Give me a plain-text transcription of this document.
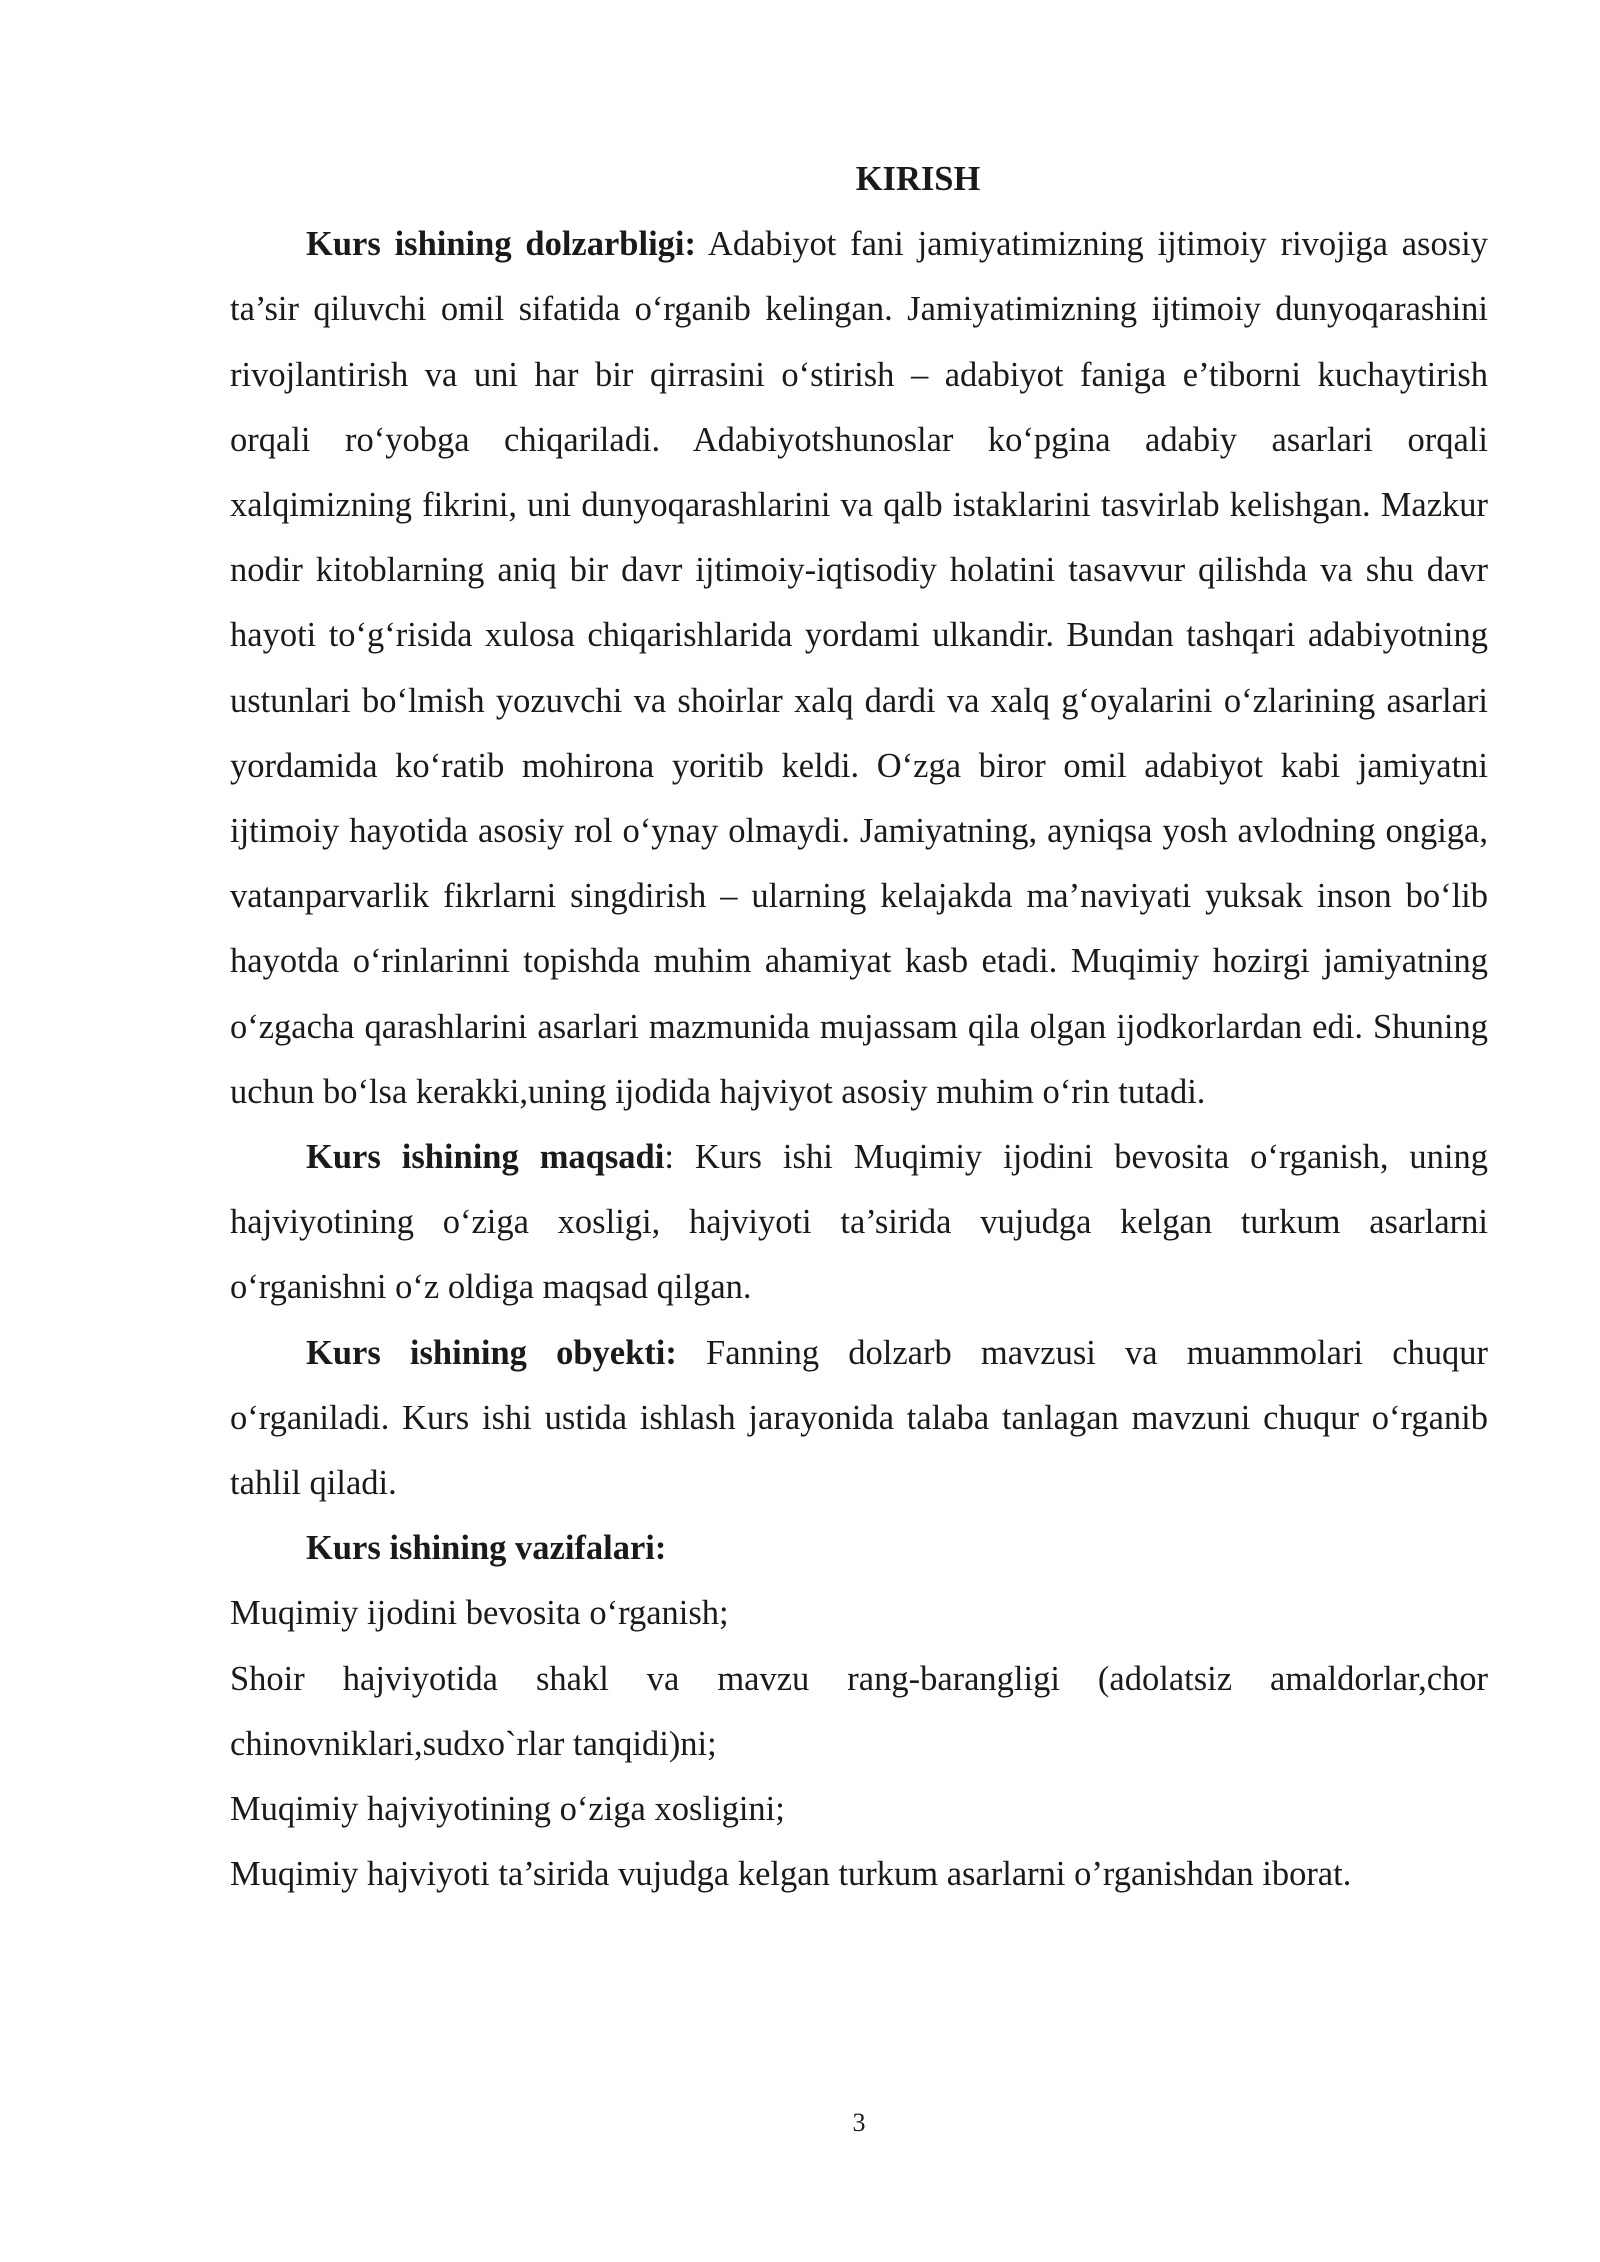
KIRISH

Kurs ishining dolzarbligi: Adabiyot fani jamiyatimizning ijtimoiy rivojiga asosiy ta’sir qiluvchi omil sifatida o‘rganib kelingan. Jamiyatimizning ijtimoiy dunyoqarashini rivojlantirish va uni har bir qirrasini o‘stirish – adabiyot faniga e’tiborni kuchaytirish orqali ro‘yobga chiqariladi. Adabiyotshunoslar ko‘pgina adabiy asarlari orqali xalqimizning fikrini, uni dunyoqarashlarini va qalb istaklarini tasvirlab kelishgan. Mazkur nodir kitoblarning aniq bir davr ijtimoiy-iqtisodiy holatini tasavvur qilishda va shu davr hayoti to‘g‘risida xulosa chiqarishlarida yordami ulkandir. Bundan tashqari adabiyotning ustunlari bo‘lmish yozuvchi va shoirlar xalq dardi va xalq g‘oyalarini o‘zlarining asarlari yordamida ko‘ratib mohirona yoritib keldi. O‘zga biror omil adabiyot kabi jamiyatni ijtimoiy hayotida asosiy rol o‘ynay olmaydi. Jamiyatning, ayniqsa yosh avlodning ongiga, vatanparvarlik fikrlarni singdirish – ularning kelajakda ma’naviyati yuksak inson bo‘lib hayotda o‘rinlarinni topishda muhim ahamiyat kasb etadi. Muqimiy hozirgi jamiyatning o‘zgacha qarashlarini asarlari mazmunida mujassam qila olgan ijodkorlardan edi. Shuning uchun bo‘lsa kerakki,uning ijodida hajviyot asosiy muhim o‘rin tutadi.

Kurs ishining maqsadi: Kurs ishi Muqimiy ijodini bevosita o‘rganish, uning hajviyotining o‘ziga xosligi, hajviyoti ta’sirida vujudga kelgan turkum asarlarni o‘rganishni o‘z oldiga maqsad qilgan.

Kurs ishining obyekti: Fanning dolzarb mavzusi va muammolari chuqur o‘rganiladi. Kurs ishi ustida ishlash jarayonida talaba tanlagan mavzuni chuqur o‘rganib tahlil qiladi.

Kurs ishining vazifalari:

Muqimiy ijodini bevosita o‘rganish;

Shoir hajviyotida shakl va mavzu rang-barangligi (adolatsiz amaldorlar,chor chinovniklari,sudxo`rlar tanqidi)ni;

Muqimiy hajviyotining o‘ziga xosligini;

Muqimiy hajviyoti ta’sirida vujudga kelgan turkum asarlarni o’rganishdan iborat.

3
